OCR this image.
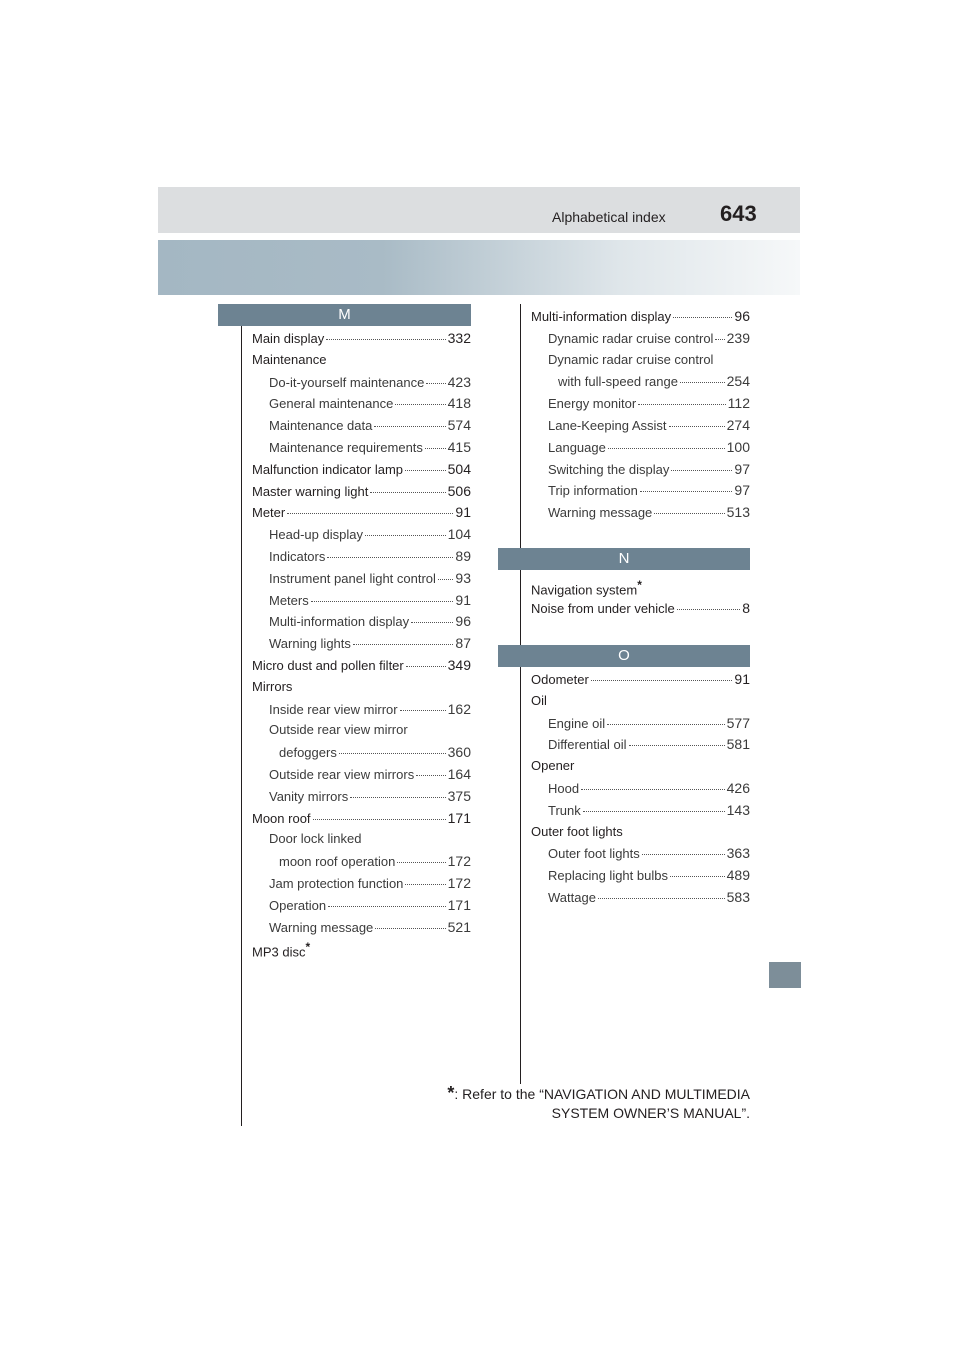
Alphabetical index 643
M
N
O
Main display	332
Maintenance
Do-it-yourself maintenance 423
General maintenance	418
Maintenance data	574
Maintenance requirements 415
Malfunction indicator lamp	504
Master warning light	506
Meter	91
Head-up display	104
Indicators	89
Instrument panel light control 93
Meters	91
Multi-information display	96
Warning lights	87
Micro dust and pollen filter	349
Mirrors
Inside rear view mirror	162
Outside rear view mirror
defoggers	360
Outside rear view mirrors 164
Vanity mirrors	375
Moon roof	171
Door lock linked
moon roof operation	172
Jam protection function	172
Operation	171
Warning message	521
MP3 disc*
Multi-information display	96
Dynamic radar cruise control 239
Dynamic radar cruise control
with full-speed range	254
Energy monitor	112
Lane-Keeping Assist	274
Language	100
Switching the display	97
Trip information	97
Warning message	513
Navigation system*
Noise from under vehicle	8
Odometer	91
Oil
Engine oil	577
Differential oil	581
Opener
Hood	426
Trunk	143
Outer foot lights
Outer foot lights	363
Replacing light bulbs	489
Wattage	583
*: Refer to the “NAVIGATION AND MULTIMEDIA
SYSTEM OWNER’S MANUAL”.
